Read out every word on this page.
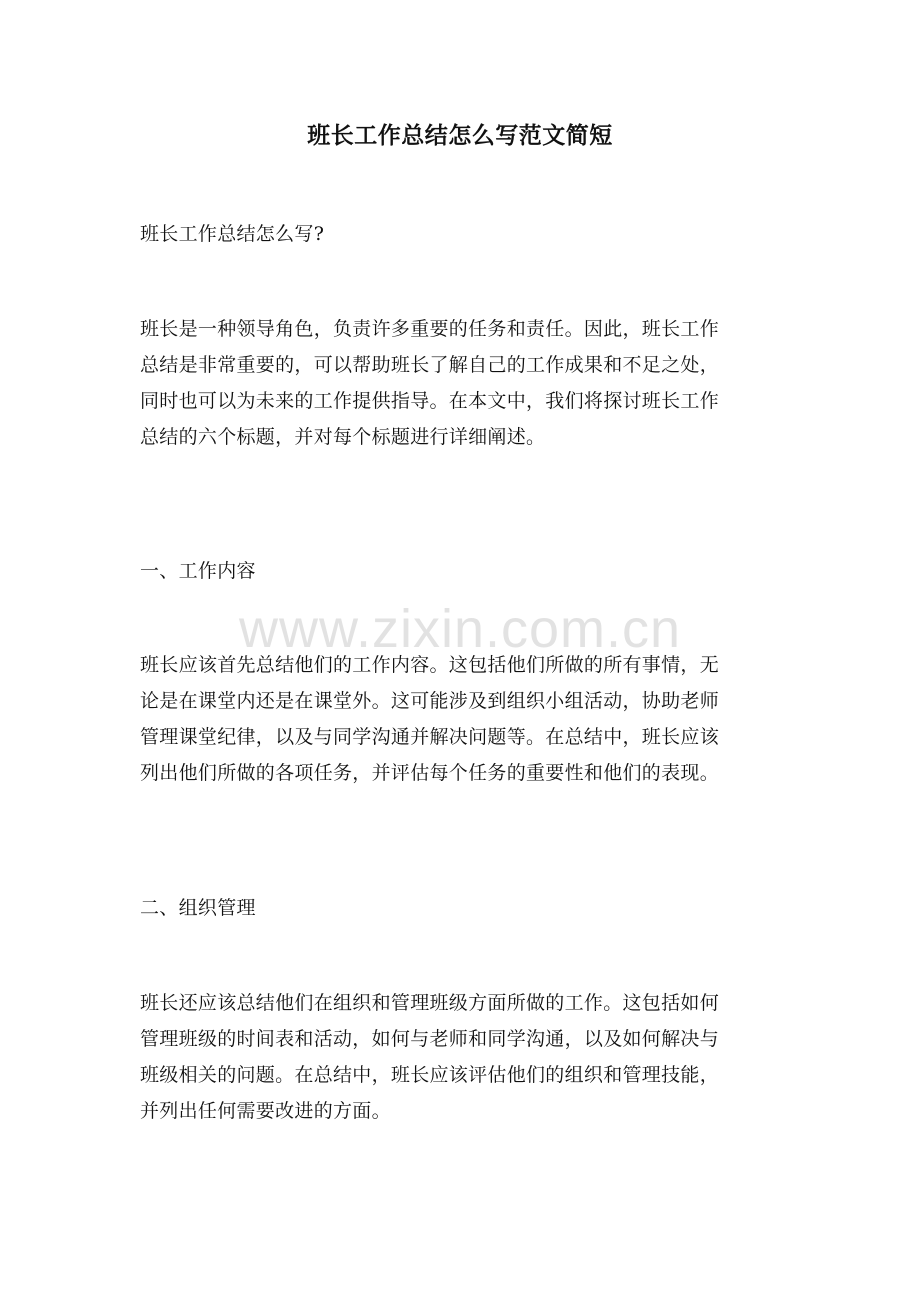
班长工作总结怎么写范文简短
班长工作总结怎么写?
班长是一种领导角色，负责许多重要的任务和责任。因此，班长工作
总结是非常重要的，可以帮助班长了解自己的工作成果和不足之处，
同时也可以为未来的工作提供指导。在本文中，我们将探讨班长工作
总结的六个标题，并对每个标题进行详细阐述。
一、工作内容
班长应该首先总结他们的工作内容。这包括他们所做的所有事情，无
论是在课堂内还是在课堂外。这可能涉及到组织小组活动，协助老师
管理课堂纪律，以及与同学沟通并解决问题等。在总结中，班长应该
列出他们所做的各项任务，并评估每个任务的重要性和他们的表现。
二、组织管理
班长还应该总结他们在组织和管理班级方面所做的工作。这包括如何
管理班级的时间表和活动，如何与老师和同学沟通，以及如何解决与
班级相关的问题。在总结中，班长应该评估他们的组织和管理技能，
并列出任何需要改进的方面。
www.zixin.com.cn
